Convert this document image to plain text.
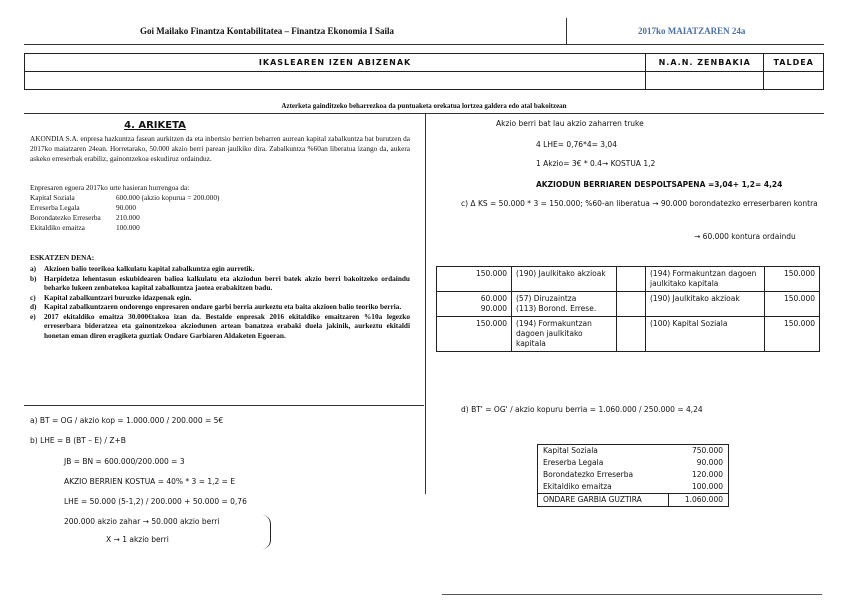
Goi Mailako Finantza Kontabilitatea – Finantza Ekonomia I Saila	2017ko MAIATZAREN 24a
IKASLEAREN IZEN ABIZENAK	N.A.N. ZENBAKIA	TALDEA

Azterketa gainditzeko beharrezkoa da puntuaketa orekatua lortzea galdera edo atal bakoitzean
4. ARIKETA
AKONDIA S.A. enpresa hazkuntza fasean aurkitzen da eta inbertsio berrien beharren aurrean kapital zabalkuntza bat burutzen da 2017ko maiatzaren 24ean. Horretarako, 50.000 akzio berri parean jaulkiko dira. Zabalkuntza %60an liberatua izango da, aukera askeko erreserbak erabiliz, gainontzekoa eskudiruz ordainduz.
Enpresaren egoera 2017ko urte hasieran hurrengoa da:
Kapital Soziala	600.000 (akzio kopurua = 200.000)
Erreserba Legala	90.000
Borondatezko Erreserba	210.000
Ekitaldiko emaitza	100.000
ESKATZEN DENA:
a)	Akzioen balio teorikoa kalkulatu kapital zabalkuntza egin aurretik.
b)	Harpidetza lehentasun eskubidearen balioa kalkulatu eta akziodun berri batek akzio berri bakoitzeko ordaindu beharko lukeen zenbatekoa kapital zabalkuntza jaotea erabakitzen badu.
c)	Kapital zabalkuntzari buruzko idazpenak egin.
d)	Kapital zabalkuntzaren ondorengo enpresaren ondare garbi berria aurkeztu eta baita akzioen balio teoriko berria.
e)	2017 ekitaldiko emaitza 30.000€takoa izan da. Bestalde enpresak 2016 ekitaldiko emaitzaren %10a legezko erreserbara bideratzea eta gainontzekoa akziodunen artean banatzea erabaki duela jakinik, aurkeztu ekitaldi honetan eman diren eragiketa guztiak Ondare Garbiaren Aldaketen Egoeran.
a) BT = OG / akzio kop = 1.000.000 / 200.000 = 5€
b) LHE = B (BT – E) / Z+B
JB = BN = 600.000/200.000 = 3
AKZIO BERRIEN KOSTUA = 40% * 3 = 1,2 = E
LHE = 50.000 (5-1,2) / 200.000 + 50.000 = 0,76
200.000 akzio zahar → 50.000 akzio berri
X → 1 akzio berri
Akzio berri bat lau akzio zaharren truke
4 LHE= 0,76*4= 3,04
1 Akzio= 3€ * 0.4→ KOSTUA 1,2
AKZIODUN BERRIAREN DESPOLTSAPENA =3,04+ 1,2= 4,24
c) Δ KS = 50.000 * 3 = 150.000; %60-an liberatua → 90.000 borondatezko erreserbaren kontra
→ 60.000 kontura ordaindu
150.000	(190) Jaulkitako akzioak		(194) Formakuntzan dagoen jaulkitako kapitala	150.000
60.000
90.000	(57) Diruzaintza
(113) Borond. Errese.		(190) Jaulkitako akzioak	150.000
150.000	(194) Formakuntzan dagoen jaulkitako kapitala		(100) Kapital Soziala	150.000
d) BT' = OG' / akzio kopuru berria = 1.060.000 / 250.000 = 4,24
Kapital Soziala	750.000
Ereserba Legala	90.000
Borondatezko Erreserba	120.000
Ekitaldiko emaitza	100.000
ONDARE GARBIA GUZTIRA	1.060.000
